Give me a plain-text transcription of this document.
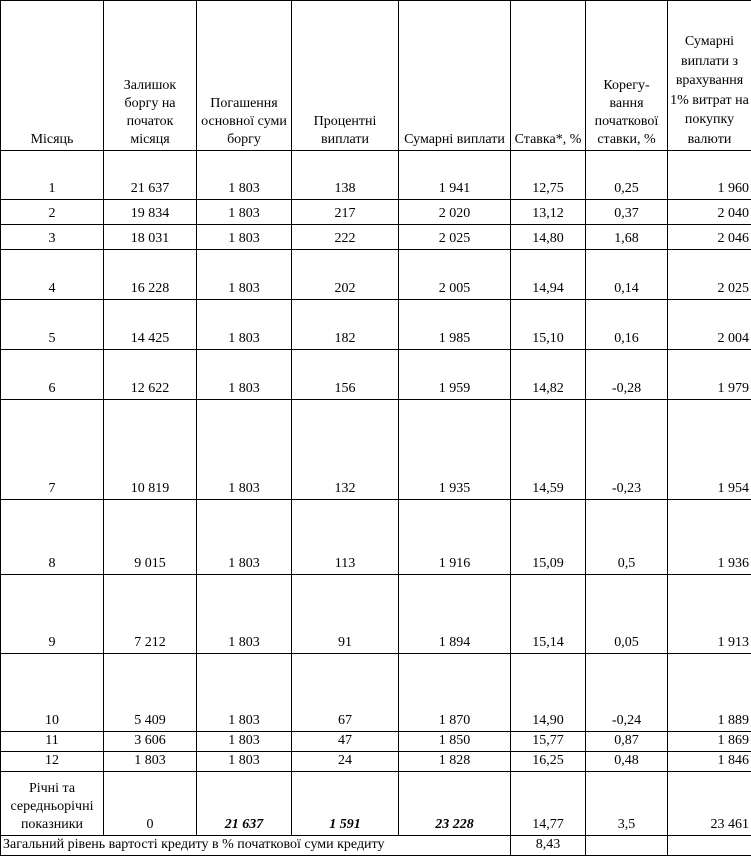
Місяць	Залишок боргу на початок місяця	Погашення основної суми боргу	Процентні виплати	Сумарні виплати	Ставка*, %	Корегу-вання початкової ставки, %	Сумарні виплати з врахування 1% витрат на покупку валюти
1	21 637	1 803	138	1 941	12,75	0,25	1 960
2	19 834	1 803	217	2 020	13,12	0,37	2 040
3	18 031	1 803	222	2 025	14,80	1,68	2 046
4	16 228	1 803	202	2 005	14,94	0,14	2 025
5	14 425	1 803	182	1 985	15,10	0,16	2 004
6	12 622	1 803	156	1 959	14,82	-0,28	1 979
7	10 819	1 803	132	1 935	14,59	-0,23	1 954
8	9 015	1 803	113	1 916	15,09	0,5	1 936
9	7 212	1 803	91	1 894	15,14	0,05	1 913
10	5 409	1 803	67	1 870	14,90	-0,24	1 889
11	3 606	1 803	47	1 850	15,77	0,87	1 869
12	1 803	1 803	24	1 828	16,25	0,48	1 846
Річні та середньорічні показники	0	21 637	1 591	23 228	14,77	3,5	23 461
Загальний рівень вартості кредиту в % початкової суми кредиту					8,43		
